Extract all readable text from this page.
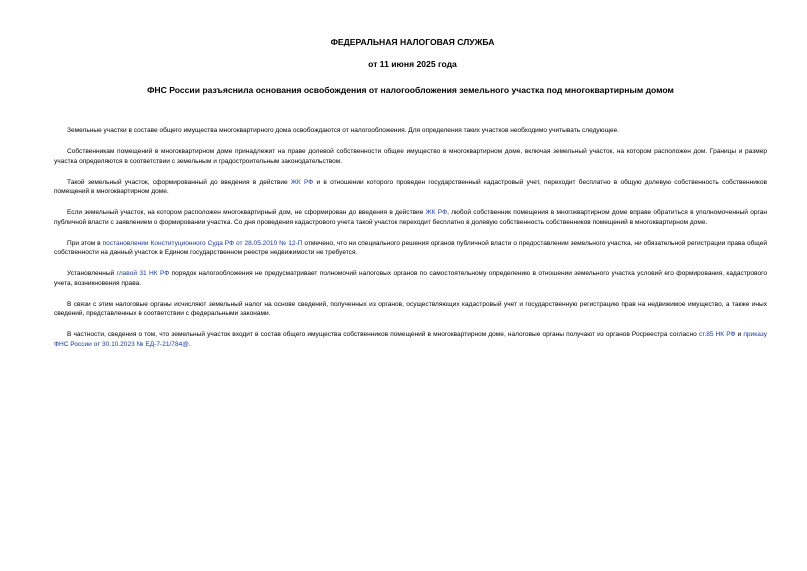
ФЕДЕРАЛЬНАЯ НАЛОГОВАЯ СЛУЖБА

от 11 июня 2025 года

ФНС России разъяснила основания освобождения от налогообложения земельного участка под многоквартирным домом

Земельные участки в составе общего имущества многоквартирного дома освобождаются от налогообложения. Для определения таких участков необходимо учитывать следующее.

Собственникам помещений в многоквартирном доме принадлежит на праве долевой собственности общее имущество в многоквартирном доме, включая земельный участок, на котором расположен дом. Границы и размер участка определяются в соответствии с земельным и градостроительным законодательством.

Такой земельный участок, сформированный до введения в действие ЖК РФ и в отношении которого проведен государственный кадастровый учет, переходит бесплатно в общую долевую собственность собственников помещений в многоквартирном доме.

Если земельный участок, на котором расположен многоквартирный дом, не сформирован до введения в действие ЖК РФ, любой собственник помещения в многоквартирном доме вправе обратиться в уполномоченный орган публичной власти с заявлением о формировании участка. Со дня проведения кадастрового учета такой участок переходит бесплатно в долевую собственность собственников помещений в многоквартирном доме.

При этом в постановлении Конституционного Суда РФ от 28.05.2010 № 12-П отмечено, что ни специального решения органов публичной власти о предоставлении земельного участка, ни обязательной регистрации права общей собственности на данный участок в Едином государственном реестре недвижимости не требуется.

Установленный главой 31 НК РФ порядок налогообложения не предусматривает полномочий налоговых органов по самостоятельному определению в отношении земельного участка условий его формирования, кадастрового учета, возникновения права.

В связи с этим налоговые органы исчисляют земельный налог на основе сведений, полученных из органов, осуществляющих кадастровый учет и государственную регистрацию прав на недвижимое имущество, а также иных сведений, представленных в соответствии с федеральными законами.

В частности, сведения о том, что земельный участок входит в состав общего имущества собственников помещений в многоквартирном доме, налоговые органы получают из органов Росреестра согласно ст.85 НК РФ и приказу ФНС России от 30.10.2023 № ЕД-7-21/784@.
